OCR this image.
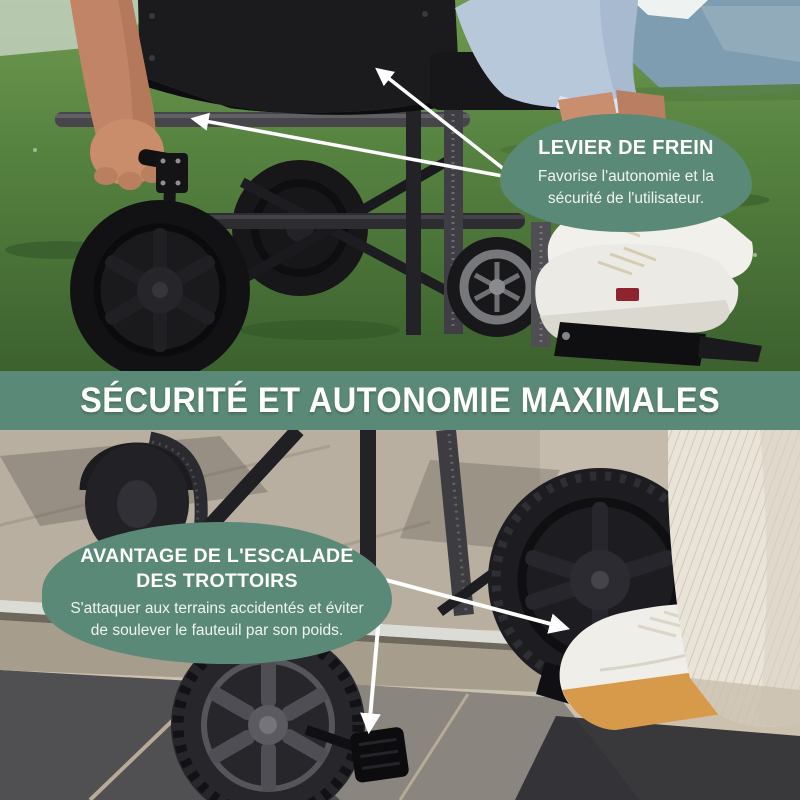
SÉCURITÉ ET AUTONOMIE MAXIMALES

LEVIER DE FREIN

Favorise l'autonomie et la sécurité de l'utilisateur.

AVANTAGE DE L'ESCALADE DES TROTTOIRS

S'attaquer aux terrains accidentés et éviter de soulever le fauteuil par son poids.
